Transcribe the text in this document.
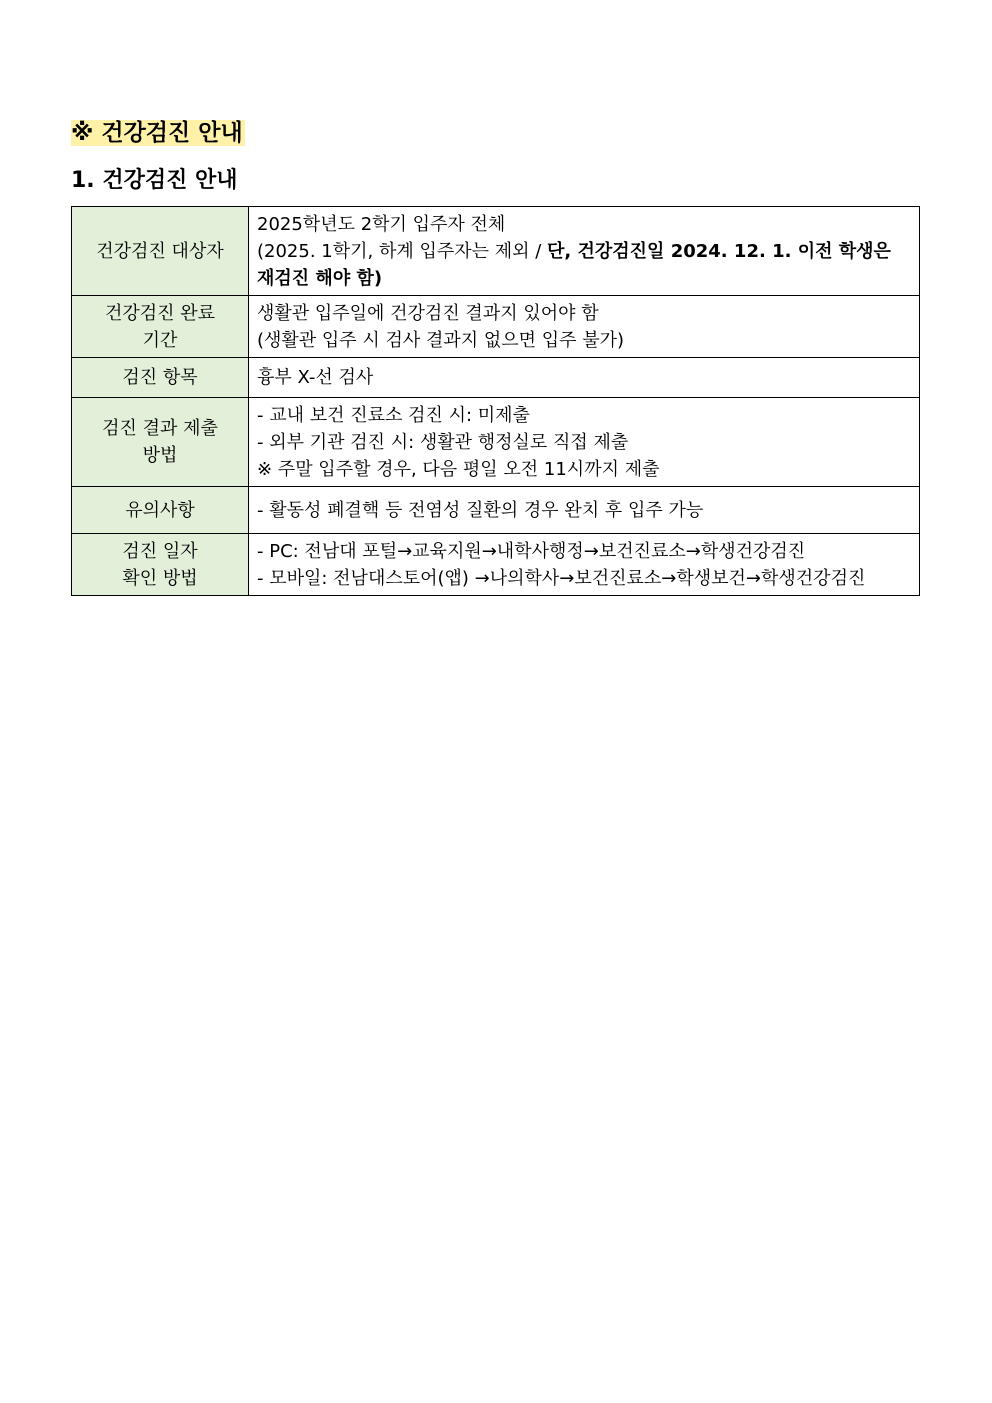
※ 건강검진 안내
1. 건강검진 안내
건강검진 대상자	2025학년도 2학기 입주자 전체
(2025. 1학기, 하계 입주자는 제외 / 단, 건강검진일 2024. 12. 1. 이전 학생은
재검진 해야 함)

건강검진 완료
기간	생활관 입주일에 건강검진 결과지 있어야 함
(생활관 입주 시 검사 결과지 없으면 입주 불가)

검진 항목	흉부 X-선 검사

검진 결과 제출
방법	- 교내 보건 진료소 검진 시: 미제출
- 외부 기관 검진 시: 생활관 행정실로 직접 제출
※ 주말 입주할 경우, 다음 평일 오전 11시까지 제출

유의사항	- 활동성 폐결핵 등 전염성 질환의 경우 완치 후 입주 가능

검진 일자
확인 방법	- PC: 전남대 포털→교육지원→내학사행정→보건진료소→학생건강검진
- 모바일: 전남대스토어(앱) →나의학사→보건진료소→학생보건→학생건강검진
